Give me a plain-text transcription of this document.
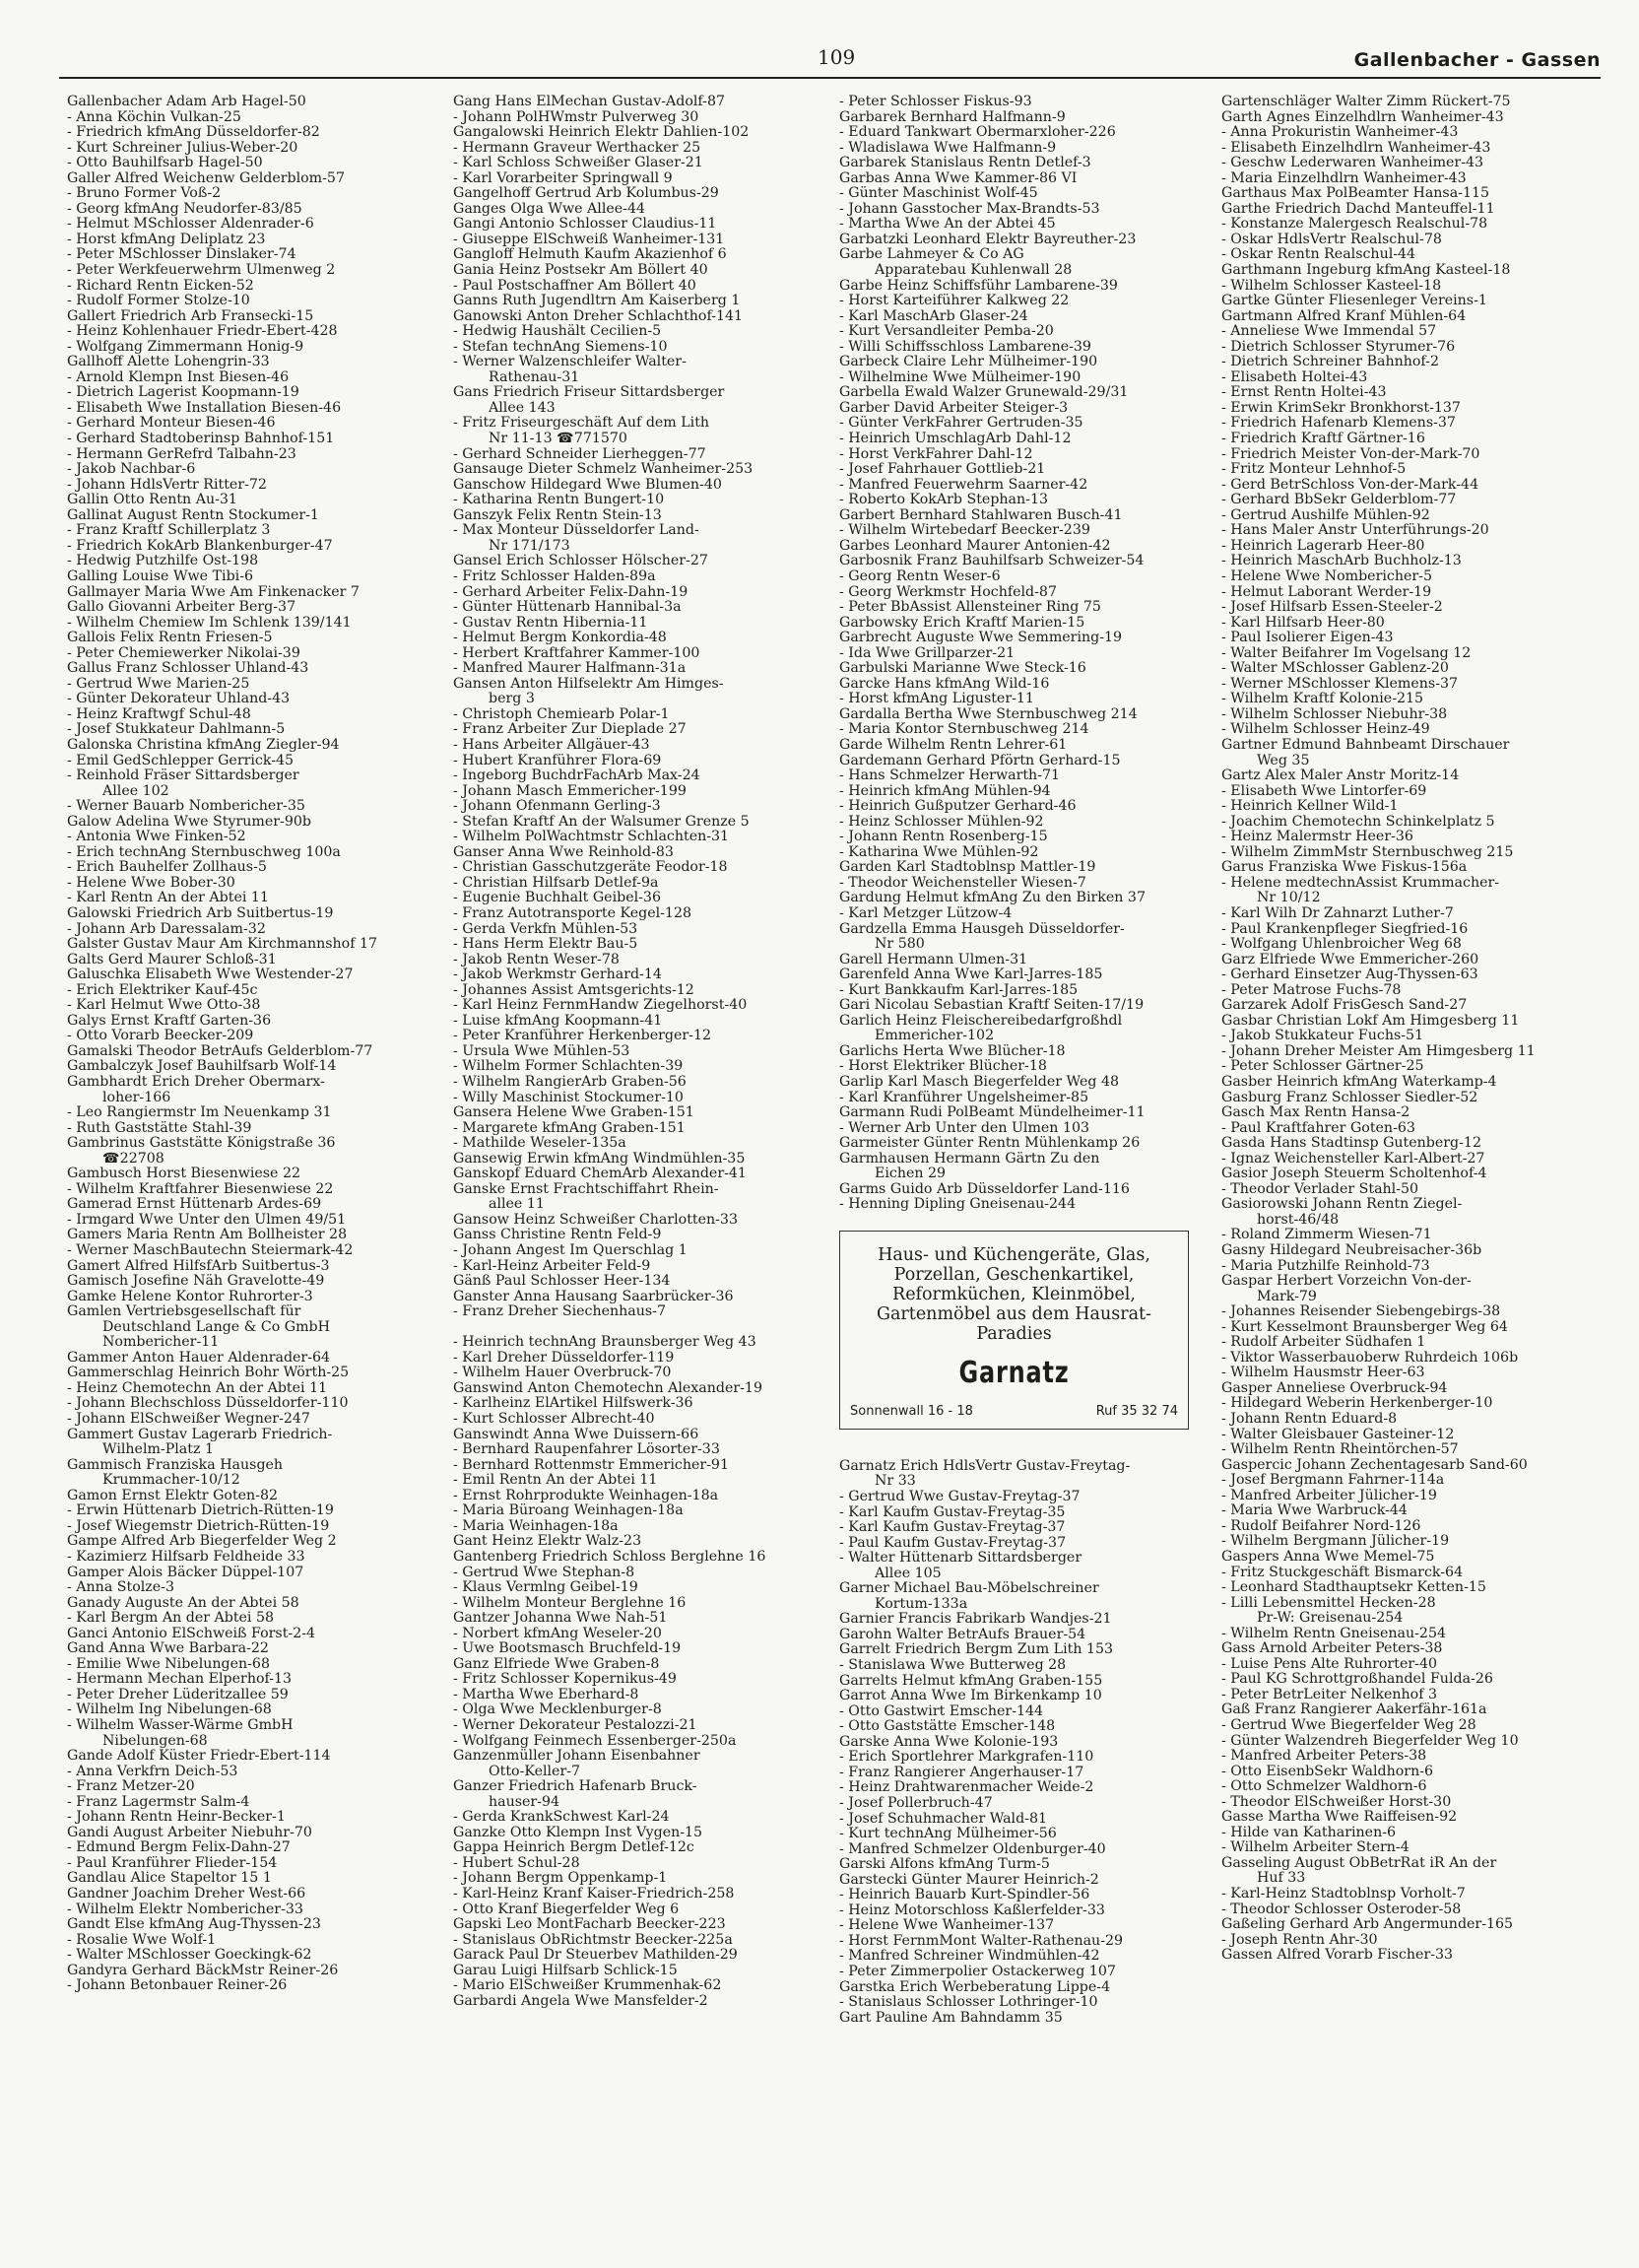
109	Gallenbacher - Gassen
Gallenbacher Adam Arb Hagel-50
- Anna Köchin Vulkan-25
- Friedrich kfmAng Düsseldorfer-82
- Kurt Schreiner Julius-Weber-20
- Otto Bauhilfsarb Hagel-50
Galler Alfred Weichenw Gelderblom-57
- Bruno Former Voß-2
- Georg kfmAng Neudorfer-83/85
- Helmut MSchlosser Aldenrader-6
- Horst kfmAng Deliplatz 23
- Peter MSchlosser Dinslaker-74
- Peter Werkfeuerwehrm Ulmenweg 2
- Richard Rentn Eicken-52
- Rudolf Former Stolze-10
Gallert Friedrich Arb Fransecki-15
- Heinz Kohlenhauer Friedr-Ebert-428
- Wolfgang Zimmermann Honig-9
Gallhoff Alette Lohengrin-33
- Arnold Klempn Inst Biesen-46
- Dietrich Lagerist Koopmann-19
- Elisabeth Wwe Installation Biesen-46
- Gerhard Monteur Biesen-46
- Gerhard Stadtoberinsp Bahnhof-151
- Hermann GerRefrd Talbahn-23
- Jakob Nachbar-6
- Johann HdlsVertr Ritter-72
Gallin Otto Rentn Au-31
Gallinat August Rentn Stockumer-1
- Franz Kraftf Schillerplatz 3
- Friedrich KokArb Blankenburger-47
- Hedwig Putzhilfe Ost-198
Galling Louise Wwe Tibi-6
Gallmayer Maria Wwe Am Finkenacker 7
Gallo Giovanni Arbeiter Berg-37
- Wilhelm Chemiew Im Schlenk 139/141
Gallois Felix Rentn Friesen-5
- Peter Chemiewerker Nikolai-39
Gallus Franz Schlosser Uhland-43
- Gertrud Wwe Marien-25
- Günter Dekorateur Uhland-43
- Heinz Kraftwgf Schul-48
- Josef Stukkateur Dahlmann-5
Galonska Christina kfmAng Ziegler-94
- Emil GedSchlepper Gerrick-45
- Reinhold Fräser Sittardsberger
Allee 102
- Werner Bauarb Nombericher-35
Galow Adelina Wwe Styrumer-90b
- Antonia Wwe Finken-52
- Erich technAng Sternbuschweg 100a
- Erich Bauhelfer Zollhaus-5
- Helene Wwe Bober-30
- Karl Rentn An der Abtei 11
Galowski Friedrich Arb Suitbertus-19
- Johann Arb Daressalam-32
Galster Gustav Maur Am Kirchmannshof 17
Galts Gerd Maurer Schloß-31
Galuschka Elisabeth Wwe Westender-27
- Erich Elektriker Kauf-45c
- Karl Helmut Wwe Otto-38
Galys Ernst Kraftf Garten-36
- Otto Vorarb Beecker-209
Gamalski Theodor BetrAufs Gelderblom-77
Gambalczyk Josef Bauhilfsarb Wolf-14
Gambhardt Erich Dreher Obermarx-
loher-166
- Leo Rangiermstr Im Neuenkamp 31
- Ruth Gaststätte Stahl-39
Gambrinus Gaststätte Königstraße 36
☎22708
Gambusch Horst Biesenwiese 22
- Wilhelm Kraftfahrer Biesenwiese 22
Gamerad Ernst Hüttenarb Ardes-69
- Irmgard Wwe Unter den Ulmen 49/51
Gamers Maria Rentn Am Bollheister 28
- Werner MaschBautechn Steiermark-42
Gamert Alfred HilfsfArb Suitbertus-3
Gamisch Josefine Näh Gravelotte-49
Gamke Helene Kontor Ruhrorter-3
Gamlen Vertriebsgesellschaft für
Deutschland Lange & Co GmbH
Nombericher-11
Gammer Anton Hauer Aldenrader-64
Gammerschlag Heinrich Bohr Wörth-25
- Heinz Chemotechn An der Abtei 11
- Johann Blechschloss Düsseldorfer-110
- Johann ElSchweißer Wegner-247
Gammert Gustav Lagerarb Friedrich-
Wilhelm-Platz 1
Gammisch Franziska Hausgeh
Krummacher-10/12
Gamon Ernst Elektr Goten-82
- Erwin Hüttenarb Dietrich-Rütten-19
- Josef Wiegemstr Dietrich-Rütten-19
Gampe Alfred Arb Biegerfelder Weg 2
- Kazimierz Hilfsarb Feldheide 33
Gamper Alois Bäcker Düppel-107
- Anna Stolze-3
Ganady Auguste An der Abtei 58
- Karl Bergm An der Abtei 58
Ganci Antonio ElSchweiß Forst-2-4
Gand Anna Wwe Barbara-22
- Emilie Wwe Nibelungen-68
- Hermann Mechan Elperhof-13
- Peter Dreher Lüderitzallee 59
- Wilhelm Ing Nibelungen-68
- Wilhelm Wasser-Wärme GmbH
Nibelungen-68
Gande Adolf Küster Friedr-Ebert-114
- Anna Verkfrn Deich-53
- Franz Metzer-20
- Franz Lagermstr Salm-4
- Johann Rentn Heinr-Becker-1
Gandi August Arbeiter Niebuhr-70
- Edmund Bergm Felix-Dahn-27
- Paul Kranführer Flieder-154
Gandlau Alice Stapeltor 15 1
Gandner Joachim Dreher West-66
- Wilhelm Elektr Nombericher-33
Gandt Else kfmAng Aug-Thyssen-23
- Rosalie Wwe Wolf-1
- Walter MSchlosser Goeckingk-62
Gandyra Gerhard BäckMstr Reiner-26
- Johann Betonbauer Reiner-26
Gang Hans ElMechan Gustav-Adolf-87
- Johann PolHWmstr Pulverweg 30
Gangalowski Heinrich Elektr Dahlien-102
- Hermann Graveur Werthacker 25
- Karl Schloss Schweißer Glaser-21
- Karl Vorarbeiter Springwall 9
Gangelhoff Gertrud Arb Kolumbus-29
Ganges Olga Wwe Allee-44
Gangi Antonio Schlosser Claudius-11
- Giuseppe ElSchweiß Wanheimer-131
Gangloff Helmuth Kaufm Akazienhof 6
Gania Heinz Postsekr Am Böllert 40
- Paul Postschaffner Am Böllert 40
Ganns Ruth Jugendltrn Am Kaiserberg 1
Ganowski Anton Dreher Schlachthof-141
- Hedwig Haushält Cecilien-5
- Stefan technAng Siemens-10
- Werner Walzenschleifer Walter-
Rathenau-31
Gans Friedrich Friseur Sittardsberger
Allee 143
- Fritz Friseurgeschäft Auf dem Lith
Nr 11-13 ☎771570
- Gerhard Schneider Lierheggen-77
Gansauge Dieter Schmelz Wanheimer-253
Ganschow Hildegard Wwe Blumen-40
- Katharina Rentn Bungert-10
Ganszyk Felix Rentn Stein-13
- Max Monteur Düsseldorfer Land-
Nr 171/173
Gansel Erich Schlosser Hölscher-27
- Fritz Schlosser Halden-89a
- Gerhard Arbeiter Felix-Dahn-19
- Günter Hüttenarb Hannibal-3a
- Gustav Rentn Hibernia-11
- Helmut Bergm Konkordia-48
- Herbert Kraftfahrer Kammer-100
- Manfred Maurer Halfmann-31a
Gansen Anton Hilfselektr Am Himges-
berg 3
- Christoph Chemiearb Polar-1
- Franz Arbeiter Zur Dieplade 27
- Hans Arbeiter Allgäuer-43
- Hubert Kranführer Flora-69
- Ingeborg BuchdrFachArb Max-24
- Johann Masch Emmericher-199
- Johann Ofenmann Gerling-3
- Stefan Kraftf An der Walsumer Grenze 5
- Wilhelm PolWachtmstr Schlachten-31
Ganser Anna Wwe Reinhold-83
- Christian Gasschutzgeräte Feodor-18
- Christian Hilfsarb Detlef-9a
- Eugenie Buchhalt Geibel-36
- Franz Autotransporte Kegel-128
- Gerda Verkfn Mühlen-53
- Hans Herm Elektr Bau-5
- Jakob Rentn Weser-78
- Jakob Werkmstr Gerhard-14
- Johannes Assist Amtsgerichts-12
- Karl Heinz FernmHandw Ziegelhorst-40
- Luise kfmAng Koopmann-41
- Peter Kranführer Herkenberger-12
- Ursula Wwe Mühlen-53
- Wilhelm Former Schlachten-39
- Wilhelm RangierArb Graben-56
- Willy Maschinist Stockumer-10
Gansera Helene Wwe Graben-151
- Margarete kfmAng Graben-151
- Mathilde Weseler-135a
Gansewig Erwin kfmAng Windmühlen-35
Ganskopf Eduard ChemArb Alexander-41
Ganske Ernst Frachtschiffahrt Rhein-
allee 11
Gansow Heinz Schweißer Charlotten-33
Ganss Christine Rentn Feld-9
- Johann Angest Im Querschlag 1
- Karl-Heinz Arbeiter Feld-9
Gänß Paul Schlosser Heer-134
Ganster Anna Hausang Saarbrücker-36
- Franz Dreher Siechenhaus-7
- Heinrich technAng Braunsberger Weg 43
- Karl Dreher Düsseldorfer-119
- Wilhelm Hauer Overbruck-70
Ganswind Anton Chemotechn Alexander-19
- Karlheinz ElArtikel Hilfswerk-36
- Kurt Schlosser Albrecht-40
Ganswindt Anna Wwe Duissern-66
- Bernhard Raupenfahrer Lösorter-33
- Bernhard Rottenmstr Emmericher-91
- Emil Rentn An der Abtei 11
- Ernst Rohrprodukte Weinhagen-18a
- Maria Büroang Weinhagen-18a
- Maria Weinhagen-18a
Gant Heinz Elektr Walz-23
Gantenberg Friedrich Schloss Berglehne 16
- Gertrud Wwe Stephan-8
- Klaus Vermlng Geibel-19
- Wilhelm Monteur Berglehne 16
Gantzer Johanna Wwe Nah-51
- Norbert kfmAng Weseler-20
- Uwe Bootsmasch Bruchfeld-19
Ganz Elfriede Wwe Graben-8
- Fritz Schlosser Kopernikus-49
- Martha Wwe Eberhard-8
- Olga Wwe Mecklenburger-8
- Werner Dekorateur Pestalozzi-21
- Wolfgang Feinmech Essenberger-250a
Ganzenmüller Johann Eisenbahner
Otto-Keller-7
Ganzer Friedrich Hafenarb Bruck-
hauser-94
- Gerda KrankSchwest Karl-24
Ganzke Otto Klempn Inst Vygen-15
Gappa Heinrich Bergm Detlef-12c
- Hubert Schul-28
- Johann Bergm Oppenkamp-1
- Karl-Heinz Kranf Kaiser-Friedrich-258
- Otto Kranf Biegerfelder Weg 6
Gapski Leo MontFacharb Beecker-223
- Stanislaus ObRichtmstr Beecker-225a
Garack Paul Dr Steuerbev Mathilden-29
Garau Luigi Hilfsarb Schlick-15
- Mario ElSchweißer Krummenhak-62
Garbardi Angela Wwe Mansfelder-2
- Peter Schlosser Fiskus-93
Garbarek Bernhard Halfmann-9
- Eduard Tankwart Obermarxloher-226
- Wladislawa Wwe Halfmann-9
Garbarek Stanislaus Rentn Detlef-3
Garbas Anna Wwe Kammer-86 VI
- Günter Maschinist Wolf-45
- Johann Gasstocher Max-Brandts-53
- Martha Wwe An der Abtei 45
Garbatzki Leonhard Elektr Bayreuther-23
Garbe Lahmeyer & Co AG
Apparatebau Kuhlenwall 28
Garbe Heinz Schiffsführ Lambarene-39
- Horst Karteiführer Kalkweg 22
- Karl MaschArb Glaser-24
- Kurt Versandleiter Pemba-20
- Willi Schiffsschloss Lambarene-39
Garbeck Claire Lehr Mülheimer-190
- Wilhelmine Wwe Mülheimer-190
Garbella Ewald Walzer Grunewald-29/31
Garber David Arbeiter Steiger-3
- Günter VerkFahrer Gertruden-35
- Heinrich UmschlagArb Dahl-12
- Horst VerkFahrer Dahl-12
- Josef Fahrhauer Gottlieb-21
- Manfred Feuerwehrm Saarner-42
- Roberto KokArb Stephan-13
Garbert Bernhard Stahlwaren Busch-41
- Wilhelm Wirtebedarf Beecker-239
Garbes Leonhard Maurer Antonien-42
Garbosnik Franz Bauhilfsarb Schweizer-54
- Georg Rentn Weser-6
- Georg Werkmstr Hochfeld-87
- Peter BbAssist Allensteiner Ring 75
Garbowsky Erich Kraftf Marien-15
Garbrecht Auguste Wwe Semmering-19
- Ida Wwe Grillparzer-21
Garbulski Marianne Wwe Steck-16
Garcke Hans kfmAng Wild-16
- Horst kfmAng Liguster-11
Gardalla Bertha Wwe Sternbuschweg 214
- Maria Kontor Sternbuschweg 214
Garde Wilhelm Rentn Lehrer-61
Gardemann Gerhard Pförtn Gerhard-15
- Hans Schmelzer Herwarth-71
- Heinrich kfmAng Mühlen-94
- Heinrich Gußputzer Gerhard-46
- Heinz Schlosser Mühlen-92
- Johann Rentn Rosenberg-15
- Katharina Wwe Mühlen-92
Garden Karl Stadtoblnsp Mattler-19
- Theodor Weichensteller Wiesen-7
Gardung Helmut kfmAng Zu den Birken 37
- Karl Metzger Lützow-4
Gardzella Emma Hausgeh Düsseldorfer-
Nr 580
Garell Hermann Ulmen-31
Garenfeld Anna Wwe Karl-Jarres-185
- Kurt Bankkaufm Karl-Jarres-185
Gari Nicolau Sebastian Kraftf Seiten-17/19
Garlich Heinz Fleischereibedarfgroßhdl
Emmericher-102
Garlichs Herta Wwe Blücher-18
- Horst Elektriker Blücher-18
Garlip Karl Masch Biegerfelder Weg 48
- Karl Kranführer Ungelsheimer-85
Garmann Rudi PolBeamt Mündelheimer-11
- Werner Arb Unter den Ulmen 103
Garmeister Günter Rentn Mühlenkamp 26
Garmhausen Hermann Gärtn Zu den
Eichen 29
Garms Guido Arb Düsseldorfer Land-116
- Henning Dipling Gneisenau-244
Haus- und Küchengeräte, Glas, Porzellan, Geschenkartikel, Reformküchen, Kleinmöbel, Gartenmöbel aus dem Hausrat-Paradies
Garnatz
Sonnenwall 16 - 18	Ruf 35 32 74
Garnatz Erich HdlsVertr Gustav-Freytag-
Nr 33
- Gertrud Wwe Gustav-Freytag-37
- Karl Kaufm Gustav-Freytag-35
- Karl Kaufm Gustav-Freytag-37
- Paul Kaufm Gustav-Freytag-37
- Walter Hüttenarb Sittardsberger
Allee 105
Garner Michael Bau-Möbelschreiner
Kortum-133a
Garnier Francis Fabrikarb Wandjes-21
Garohn Walter BetrAufs Brauer-54
Garrelt Friedrich Bergm Zum Lith 153
- Stanislawa Wwe Butterweg 28
Garrelts Helmut kfmAng Graben-155
Garrot Anna Wwe Im Birkenkamp 10
- Otto Gastwirt Emscher-144
- Otto Gaststätte Emscher-148
Garske Anna Wwe Kolonie-193
- Erich Sportlehrer Markgrafen-110
- Franz Rangierer Angerhauser-17
- Heinz Drahtwarenmacher Weide-2
- Josef Pollerbruch-47
- Josef Schuhmacher Wald-81
- Kurt technAng Mülheimer-56
- Manfred Schmelzer Oldenburger-40
Garski Alfons kfmAng Turm-5
Garstecki Günter Maurer Heinrich-2
- Heinrich Bauarb Kurt-Spindler-56
- Heinz Motorschloss Kaßlerfelder-33
- Helene Wwe Wanheimer-137
- Horst FernmMont Walter-Rathenau-29
- Manfred Schreiner Windmühlen-42
- Peter Zimmerpolier Ostackerweg 107
Garstka Erich Werbeberatung Lippe-4
- Stanislaus Schlosser Lothringer-10
Gart Pauline Am Bahndamm 35
Gartenschläger Walter Zimm Rückert-75
Garth Agnes Einzelhdlrn Wanheimer-43
- Anna Prokuristin Wanheimer-43
- Elisabeth Einzelhdlrn Wanheimer-43
- Geschw Lederwaren Wanheimer-43
- Maria Einzelhdlrn Wanheimer-43
Garthaus Max PolBeamter Hansa-115
Garthe Friedrich Dachd Manteuffel-11
- Konstanze Malergesch Realschul-78
- Oskar HdlsVertr Realschul-78
- Oskar Rentn Realschul-44
Garthmann Ingeburg kfmAng Kasteel-18
- Wilhelm Schlosser Kasteel-18
Gartke Günter Fliesenleger Vereins-1
Gartmann Alfred Kranf Mühlen-64
- Anneliese Wwe Immendal 57
- Dietrich Schlosser Styrumer-76
- Dietrich Schreiner Bahnhof-2
- Elisabeth Holtei-43
- Ernst Rentn Holtei-43
- Erwin KrimSekr Bronkhorst-137
- Friedrich Hafenarb Klemens-37
- Friedrich Kraftf Gärtner-16
- Friedrich Meister Von-der-Mark-70
- Fritz Monteur Lehnhof-5
- Gerd BetrSchloss Von-der-Mark-44
- Gerhard BbSekr Gelderblom-77
- Gertrud Aushilfe Mühlen-92
- Hans Maler Anstr Unterführungs-20
- Heinrich Lagerarb Heer-80
- Heinrich MaschArb Buchholz-13
- Helene Wwe Nombericher-5
- Helmut Laborant Werder-19
- Josef Hilfsarb Essen-Steeler-2
- Karl Hilfsarb Heer-80
- Paul Isolierer Eigen-43
- Walter Beifahrer Im Vogelsang 12
- Walter MSchlosser Gablenz-20
- Werner MSchlosser Klemens-37
- Wilhelm Kraftf Kolonie-215
- Wilhelm Schlosser Niebuhr-38
- Wilhelm Schlosser Heinz-49
Gartner Edmund Bahnbeamt Dirschauer
Weg 35
Gartz Alex Maler Anstr Moritz-14
- Elisabeth Wwe Lintorfer-69
- Heinrich Kellner Wild-1
- Joachim Chemotechn Schinkelplatz 5
- Heinz Malermstr Heer-36
- Wilhelm ZimmMstr Sternbuschweg 215
Garus Franziska Wwe Fiskus-156a
- Helene medtechnAssist Krummacher-
Nr 10/12
- Karl Wilh Dr Zahnarzt Luther-7
- Paul Krankenpfleger Siegfried-16
- Wolfgang Uhlenbroicher Weg 68
Garz Elfriede Wwe Emmericher-260
- Gerhard Einsetzer Aug-Thyssen-63
- Peter Matrose Fuchs-78
Garzarek Adolf FrisGesch Sand-27
Gasbar Christian Lokf Am Himgesberg 11
- Jakob Stukkateur Fuchs-51
- Johann Dreher Meister Am Himgesberg 11
- Peter Schlosser Gärtner-25
Gasber Heinrich kfmAng Waterkamp-4
Gasburg Franz Schlosser Siedler-52
Gasch Max Rentn Hansa-2
- Paul Kraftfahrer Goten-63
Gasda Hans Stadtinsp Gutenberg-12
- Ignaz Weichensteller Karl-Albert-27
Gasior Joseph Steuerm Scholtenhof-4
- Theodor Verlader Stahl-50
Gasiorowski Johann Rentn Ziegel-
horst-46/48
- Roland Zimmerm Wiesen-71
Gasny Hildegard Neubreisacher-36b
- Maria Putzhilfe Reinhold-73
Gaspar Herbert Vorzeichn Von-der-
Mark-79
- Johannes Reisender Siebengebirgs-38
- Kurt Kesselmont Braunsberger Weg 64
- Rudolf Arbeiter Südhafen 1
- Viktor Wasserbauoberw Ruhrdeich 106b
- Wilhelm Hausmstr Heer-63
Gasper Anneliese Overbruck-94
- Hildegard Weberin Herkenberger-10
- Johann Rentn Eduard-8
- Walter Gleisbauer Gasteiner-12
- Wilhelm Rentn Rheintörchen-57
Gaspercic Johann Zechentagesarb Sand-60
- Josef Bergmann Fahrner-114a
- Manfred Arbeiter Jülicher-19
- Maria Wwe Warbruck-44
- Rudolf Beifahrer Nord-126
- Wilhelm Bergmann Jülicher-19
Gaspers Anna Wwe Memel-75
- Fritz Stuckgeschäft Bismarck-64
- Leonhard Stadthauptsekr Ketten-15
- Lilli Lebensmittel Hecken-28
Pr-W: Greisenau-254
- Wilhelm Rentn Gneisenau-254
Gass Arnold Arbeiter Peters-38
- Luise Pens Alte Ruhrorter-40
- Paul KG Schrottgroßhandel Fulda-26
- Peter BetrLeiter Nelkenhof 3
Gaß Franz Rangierer Aakerfähr-161a
- Gertrud Wwe Biegerfelder Weg 28
- Günter Walzendreh Biegerfelder Weg 10
- Manfred Arbeiter Peters-38
- Otto EisenbSekr Waldhorn-6
- Otto Schmelzer Waldhorn-6
- Theodor ElSchweißer Horst-30
Gasse Martha Wwe Raiffeisen-92
- Hilde van Katharinen-6
- Wilhelm Arbeiter Stern-4
Gasseling August ObBetrRat iR An der
Huf 33
- Karl-Heinz Stadtoblnsp Vorholt-7
- Theodor Schlosser Osteroder-58
Gaßeling Gerhard Arb Angermunder-165
- Joseph Rentn Ahr-30
Gassen Alfred Vorarb Fischer-33
